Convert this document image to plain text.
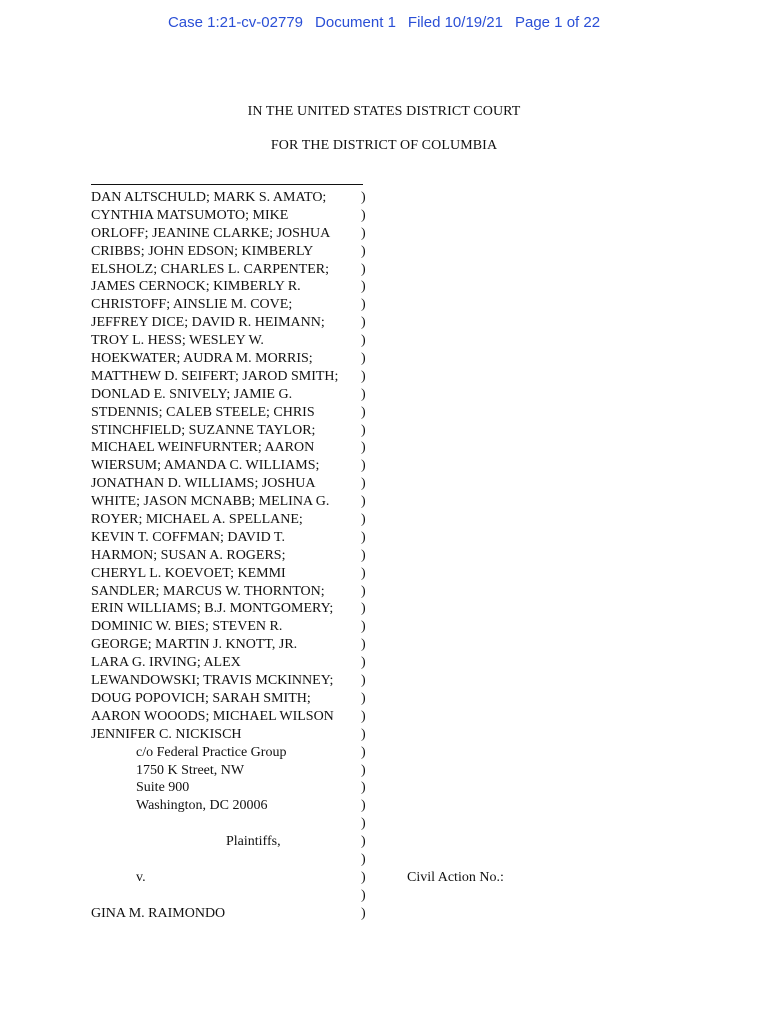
Case 1:21-cv-02779 Document 1 Filed 10/19/21 Page 1 of 22
IN THE UNITED STATES DISTRICT COURT
FOR THE DISTRICT OF COLUMBIA
DAN ALTSCHULD; MARK S. AMATO; )
CYNTHIA MATSUMOTO; MIKE	)
ORLOFF; JEANINE CLARKE; JOSHUA )
CRIBBS; JOHN EDSON; KIMBERLY	)
ELSHOLZ; CHARLES L. CARPENTER; )
JAMES CERNOCK; KIMBERLY R.	)
CHRISTOFF; AINSLIE M. COVE;	)
JEFFREY DICE; DAVID R. HEIMANN;	)
TROY L. HESS; WESLEY W.	)
HOEKWATER; AUDRA M. MORRIS;	)
MATTHEW D. SEIFERT; JAROD SMITH; )
DONLAD E. SNIVELY; JAMIE G.	)
STDENNIS; CALEB STEELE; CHRIS	)
STINCHFIELD; SUZANNE TAYLOR;	)
MICHAEL WEINFURNTER; AARON	)
WIERSUM; AMANDA C. WILLIAMS;	)
JONATHAN D. WILLIAMS; JOSHUA	)
WHITE; JASON MCNABB; MELINA G. )
ROYER; MICHAEL A. SPELLANE;	)
KEVIN T. COFFMAN; DAVID T.	)
HARMON; SUSAN A. ROGERS;	)
CHERYL L. KOEVOET; KEMMI	)
SANDLER; MARCUS W. THORNTON;	)
ERIN WILLIAMS; B.J. MONTGOMERY; )
DOMINIC W. BIES; STEVEN R.	)
GEORGE; MARTIN J. KNOTT, JR.	)
LARA G. IRVING; ALEX	)
LEWANDOWSKI; TRAVIS MCKINNEY; )
DOUG POPOVICH; SARAH SMITH;	)
AARON WOOODS; MICHAEL WILSON )
JENNIFER C. NICKISCH	)
c/o Federal Practice Group	)
1750 K Street, NW	)
Suite 900	)
Washington, DC 20006	)
)
Plaintiffs,	)
)
v.	)	Civil Action No.:
)
GINA M. RAIMONDO	)
